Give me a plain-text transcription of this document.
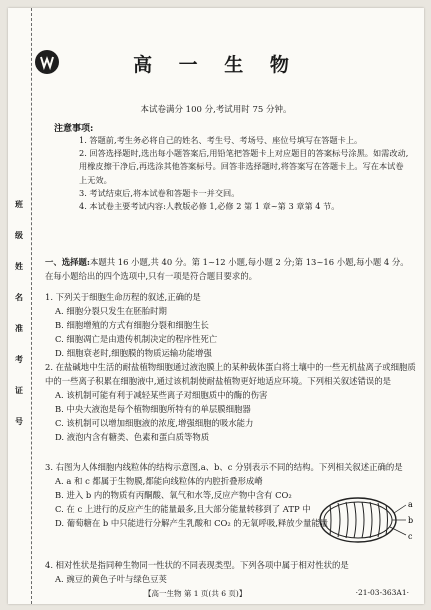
班
级
姓
名
准
考
证
号
高 一 生 物
本试卷满分 100 分,考试用时 75 分钟。
注意事项:

1. 答题前,考生务必将自己的姓名、考生号、考场号、座位号填写在答题卡上。

2. 回答选择题时,选出每小题答案后,用铅笔把答题卡上对应题目的答案标号涂黑。如需改动,用橡皮擦干净后,再选涂其他答案标号。回答非选择题时,将答案写在答题卡上。写在本试卷上无效。

3. 考试结束后,将本试卷和答题卡一并交回。

4. 本试卷主要考试内容:人教版必修 1,必修 2 第 1 章~第 3 章第 4 节。

一、选择题:本题共 16 小题,共 40 分。第 1~12 小题,每小题 2 分;第 13~16 小题,每小题 4 分。在每小题给出的四个选项中,只有一项是符合题目要求的。

1. 下列关于细胞生命历程的叙述,正确的是

A. 细胞分裂只发生在胚胎时期

B. 细胞增殖的方式有细胞分裂和细胞生长

C. 细胞凋亡是由遗传机制决定的程序性死亡

D. 细胞衰老时,细胞膜的物质运输功能增强

2. 在盐碱地中生活的耐盐植物细胞通过液泡膜上的某种载体蛋白将土壤中的一些无机盐离子或细胞质中的一些离子积累在细胞液中,通过该机制使耐盐植物更好地适应环境。下列相关叙述错误的是

A. 该机制可能有利于减轻某些离子对细胞质中的酶的伤害

B. 中央大液泡是每个植物细胞所特有的单层膜细胞器

C. 该机制可以增加细胞液的浓度,增强细胞的吸水能力

D. 液泡内含有糖类、色素和蛋白质等物质

3. 右图为人体细胞内线粒体的结构示意图,a、b、c 分别表示不同的结构。下列相关叙述正确的是

A. a 和 c 都属于生物膜,都能向线粒体的内腔折叠形成嵴

B. 进入 b 内的物质有丙酮酸、氧气和水等,反应产物中含有 CO₂

C. 在 c 上进行的反应产生的能量最多,且大部分能量转移到了 ATP 中

D. 葡萄糖在 b 中只能进行分解产生乳酸和 CO₂ 的无氧呼吸,释放少量能量

a
b
c

4. 相对性状是指同种生物同一性状的不同表现类型。下列各项中属于相对性状的是

A. 豌豆的黄色子叶与绿色豆荚

【高一生物 第 1 页(共 6 页)】	·21-03-363A1·
